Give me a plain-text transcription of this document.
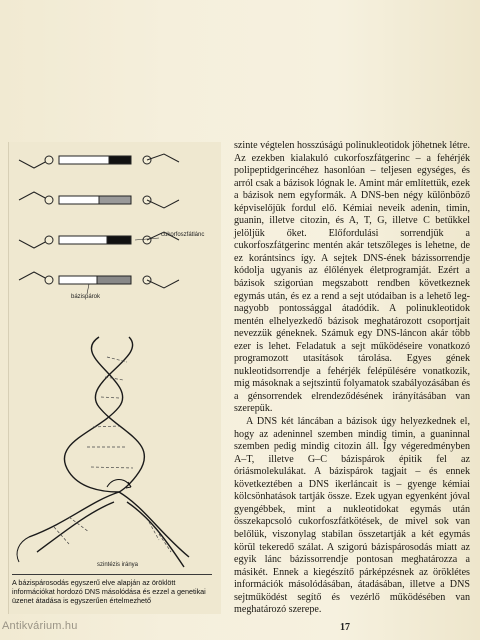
cukorfoszfátlánc
bázispárok
szintézis iránya
A bázispárosodás egyszerű elve alapján az öröklött információkat hordozó DNS másolódása és ezzel a genetikai üzenet átadása is egyszerűen értelmezhető

szinte végtelen hosszúságú polinukleotidok jöhetnek létre. Az ezekben kialakuló cukorfoszfátgerinc – a fehérjék polipeptidgerincéhez hasonlóan – teljesen egységes, és arról csak a bázisok lógnak le. Amint már említettük, ezek a bázisok nem egyformák. A DNS-ben négy különböző képviselőjük fordul elő. Kémiai neveik adenin, timin, guanin, illetve citozin, és A, T, G, illetve C betűkkel jelöljük őket. Előfordulási sorrendjük a cukorfoszfátgerinc mentén akár tetszőleges is lehetne, de ez korántsincs így. A sejtek DNS-ének bázissorrendje kódolja ugyanis az élőlények életprogramját. Ezért a bázisok szigorúan megszabott rendben következnek egymás után, és ez a rend a sejt utódaiban is a lehető legnagyobb pontossággal átadódik. A polinukleotidok mentén elhelyezkedő bázisok meghatározott csoportjait nevezzük géneknek. Számuk egy DNS-láncon akár több ezer is lehet. Feladatuk a sejt működéseire vonatkozó programozott utasítások tárolása. Egyes gének nukleotidsorrendje a fehérjék felépülésére vonatkozik, mig másoknak a sejtszintű folyamatok szabályozásában és a génsorrendek elrendeződésének irányításában van szerepük.

A DNS két láncában a bázisok úgy helyezkednek el, hogy az adeninnel szemben mindig timin, a guaninnal szemben pedig mindig citozin áll. Így végeredményben A–T, illetve G–C bázispárok épitik fel az óriásmolekulákat. A bázispárok tagjait – és ennek következtében a DNS ikerláncait is – gyenge kémiai kölcsönhatások tartják össze. Ezek ugyan egyenként jóval gyengébbek, mint a nukleotidokat egymás után összekapcsoló cukorfoszfátkötések, de mivel sok van belőlük, viszonylag stabilan összetartják a két egymás körül tekeredő szálat. A szigorú bázispárosodás miatt az egyik lánc bázissorrendje pontosan meghatározza a másikét. Ennek a kiegészítő párképzésnek az öröklétes információk másolódásában, átadásában, illetve a DNS sejtműködést segítő és vezérlő működésében van meghatározó szerepe.

17
Antikvárium.hu
